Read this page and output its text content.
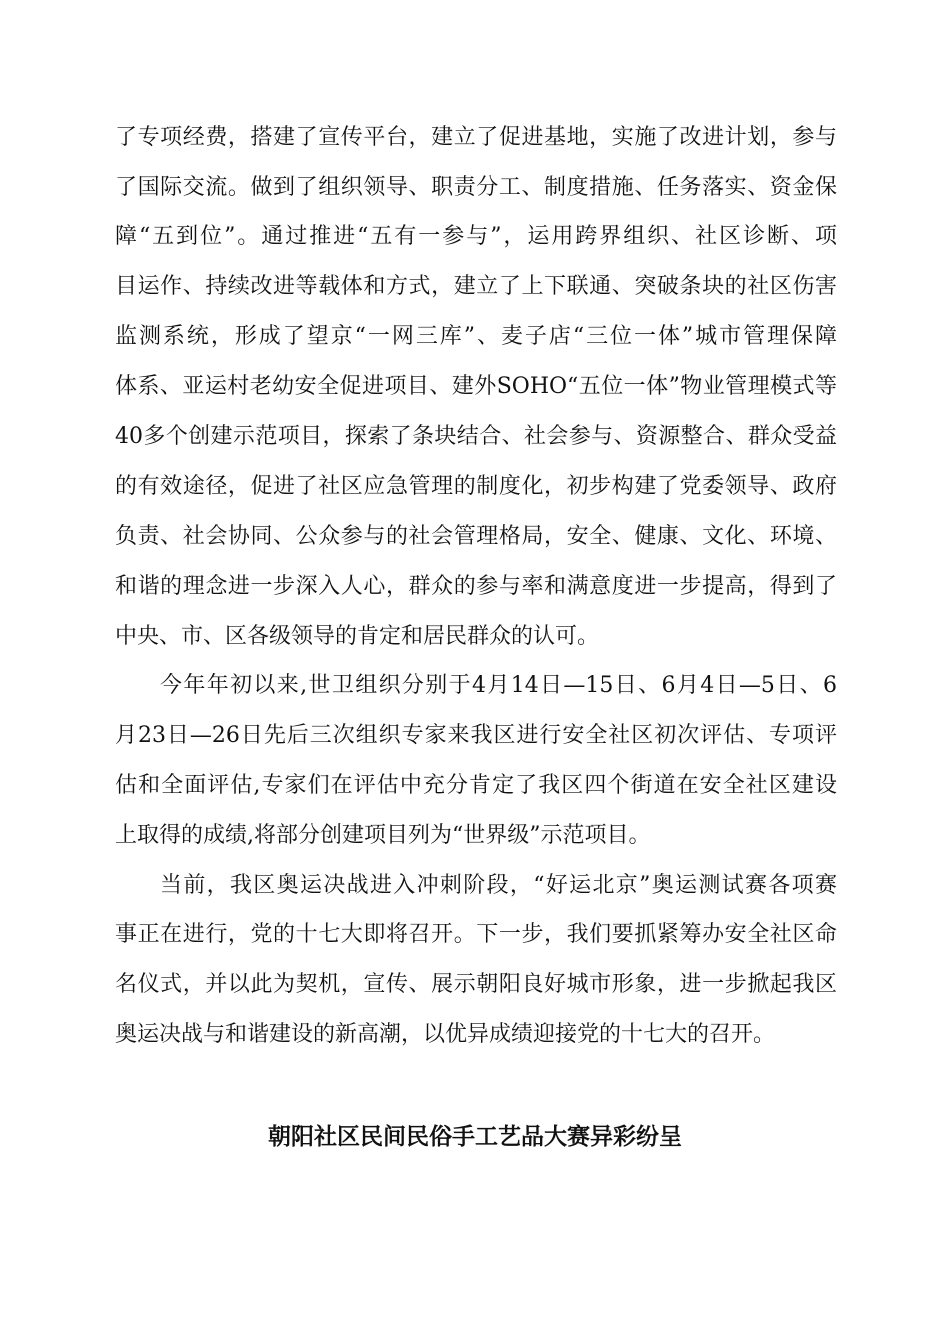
了专项经费，搭建了宣传平台，建立了促进基地，实施了改进计划，参与
了国际交流。做到了组织领导、职责分工、制度措施、任务落实、资金保
障“五到位”。通过推进“五有一参与”，运用跨界组织、社区诊断、项
目运作、持续改进等载体和方式，建立了上下联通、突破条块的社区伤害
监测系统，形成了望京“一网三库”、麦子店“三位一体”城市管理保障
体系、亚运村老幼安全促进项目、建外SOHO“五位一体”物业管理模式等
40多个创建示范项目，探索了条块结合、社会参与、资源整合、群众受益
的有效途径，促进了社区应急管理的制度化，初步构建了党委领导、政府
负责、社会协同、公众参与的社会管理格局，安全、健康、文化、环境、
和谐的理念进一步深入人心，群众的参与率和满意度进一步提高，得到了
中央、市、区各级领导的肯定和居民群众的认可。
今年年初以来,世卫组织分别于4月14日—15日、6月4日—5日、6
月23日—26日先后三次组织专家来我区进行安全社区初次评估、专项评
估和全面评估,专家们在评估中充分肯定了我区四个街道在安全社区建设
上取得的成绩,将部分创建项目列为“世界级”示范项目。
当前，我区奥运决战进入冲刺阶段，“好运北京”奥运测试赛各项赛
事正在进行，党的十七大即将召开。下一步，我们要抓紧筹办安全社区命
名仪式，并以此为契机，宣传、展示朝阳良好城市形象，进一步掀起我区
奥运决战与和谐建设的新高潮，以优异成绩迎接党的十七大的召开。
朝阳社区民间民俗手工艺品大赛异彩纷呈
